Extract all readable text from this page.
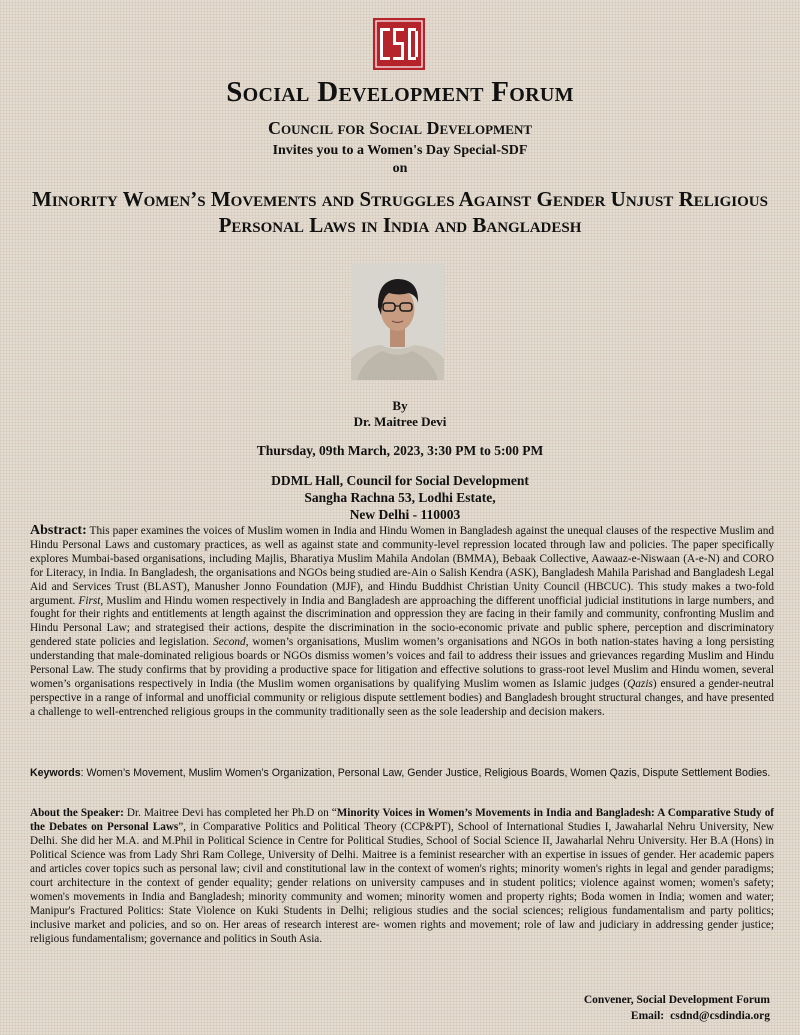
Social Development Forum
Council for Social Development
Invites you to a Women's Day Special-SDF
on
Minority Women’s Movements and Struggles Against Gender Unjust Religious Personal Laws in India and Bangladesh
By
Dr. Maitree Devi
Thursday, 09th March, 2023, 3:30 PM to 5:00 PM
DDML Hall, Council for Social Development
Sangha Rachna 53, Lodhi Estate,
New Delhi - 110003
Abstract: This paper examines the voices of Muslim women in India and Hindu Women in Bangladesh against the unequal clauses of the respective Muslim and Hindu Personal Laws and customary practices, as well as against state and community-level repression located through law and policies. The paper specifically explores Mumbai-based organisations, including Majlis, Bharatiya Muslim Mahila Andolan (BMMA), Bebaak Collective, Aawaaz-e-Niswaan (A-e-N) and CORO for Literacy, in India. In Bangladesh, the organisations and NGOs being studied are-Ain o Salish Kendra (ASK), Bangladesh Mahila Parishad and Bangladesh Legal Aid and Services Trust (BLAST), Manusher Jonno Foundation (MJF), and Hindu Buddhist Christian Unity Council (HBCUC). This study makes a two-fold argument. First, Muslim and Hindu women respectively in India and Bangladesh are approaching the different unofficial judicial institutions in large numbers, and fought for their rights and entitlements at length against the discrimination and oppression they are facing in their family and community, confronting Muslim and Hindu Personal Law; and strategised their actions, despite the discrimination in the socio-economic private and public sphere, perception and discriminatory gendered state policies and legislation. Second, women’s organisations, Muslim women’s organisations and NGOs in both nation-states having a long persisting understanding that male-dominated religious boards or NGOs dismiss women’s voices and fail to address their issues and grievances regarding Muslim and Hindu Personal Law. The study confirms that by providing a productive space for litigation and effective solutions to grass-root level Muslim and Hindu women, several women’s organisations respectively in India (the Muslim women organisations by qualifying Muslim women as Islamic judges (Qazis) ensured a gender-neutral perspective in a range of informal and unofficial community or religious dispute settlement bodies) and Bangladesh brought structural changes, and have presented a challenge to well-entrenched religious groups in the community traditionally seen as the sole leadership and decision makers.
Keywords: Women’s Movement, Muslim Women’s Organization, Personal Law, Gender Justice, Religious Boards, Women Qazis, Dispute Settlement Bodies.
About the Speaker: Dr. Maitree Devi has completed her Ph.D on “Minority Voices in Women’s Movements in India and Bangladesh: A Comparative Study of the Debates on Personal Laws”, in Comparative Politics and Political Theory (CCP&PT), School of International Studies I, Jawaharlal Nehru University, New Delhi. She did her M.A. and M.Phil in Political Science in Centre for Political Studies, School of Social Science II, Jawaharlal Nehru University. Her B.A (Hons) in Political Science was from Lady Shri Ram College, University of Delhi. Maitree is a feminist researcher with an expertise in issues of gender. Her academic papers and articles cover topics such as personal law; civil and constitutional law in the context of women's rights; minority women's rights in legal and gender paradigms; court architecture in the context of gender equality; gender relations on university campuses and in student politics; violence against women; women's safety; women's movements in India and Bangladesh; minority community and women; minority women and property rights; Boda women in India; women and water; Manipur's Fractured Politics: State Violence on Kuki Students in Delhi; religious studies and the social sciences; religious fundamentalism and party politics; inclusive market and policies, and so on. Her areas of research interest are- women rights and movement; role of law and judiciary in addressing gender justice; religious fundamentalism; governance and politics in South Asia.
Convener, Social Development Forum
Email: csdnd@csdindia.org
